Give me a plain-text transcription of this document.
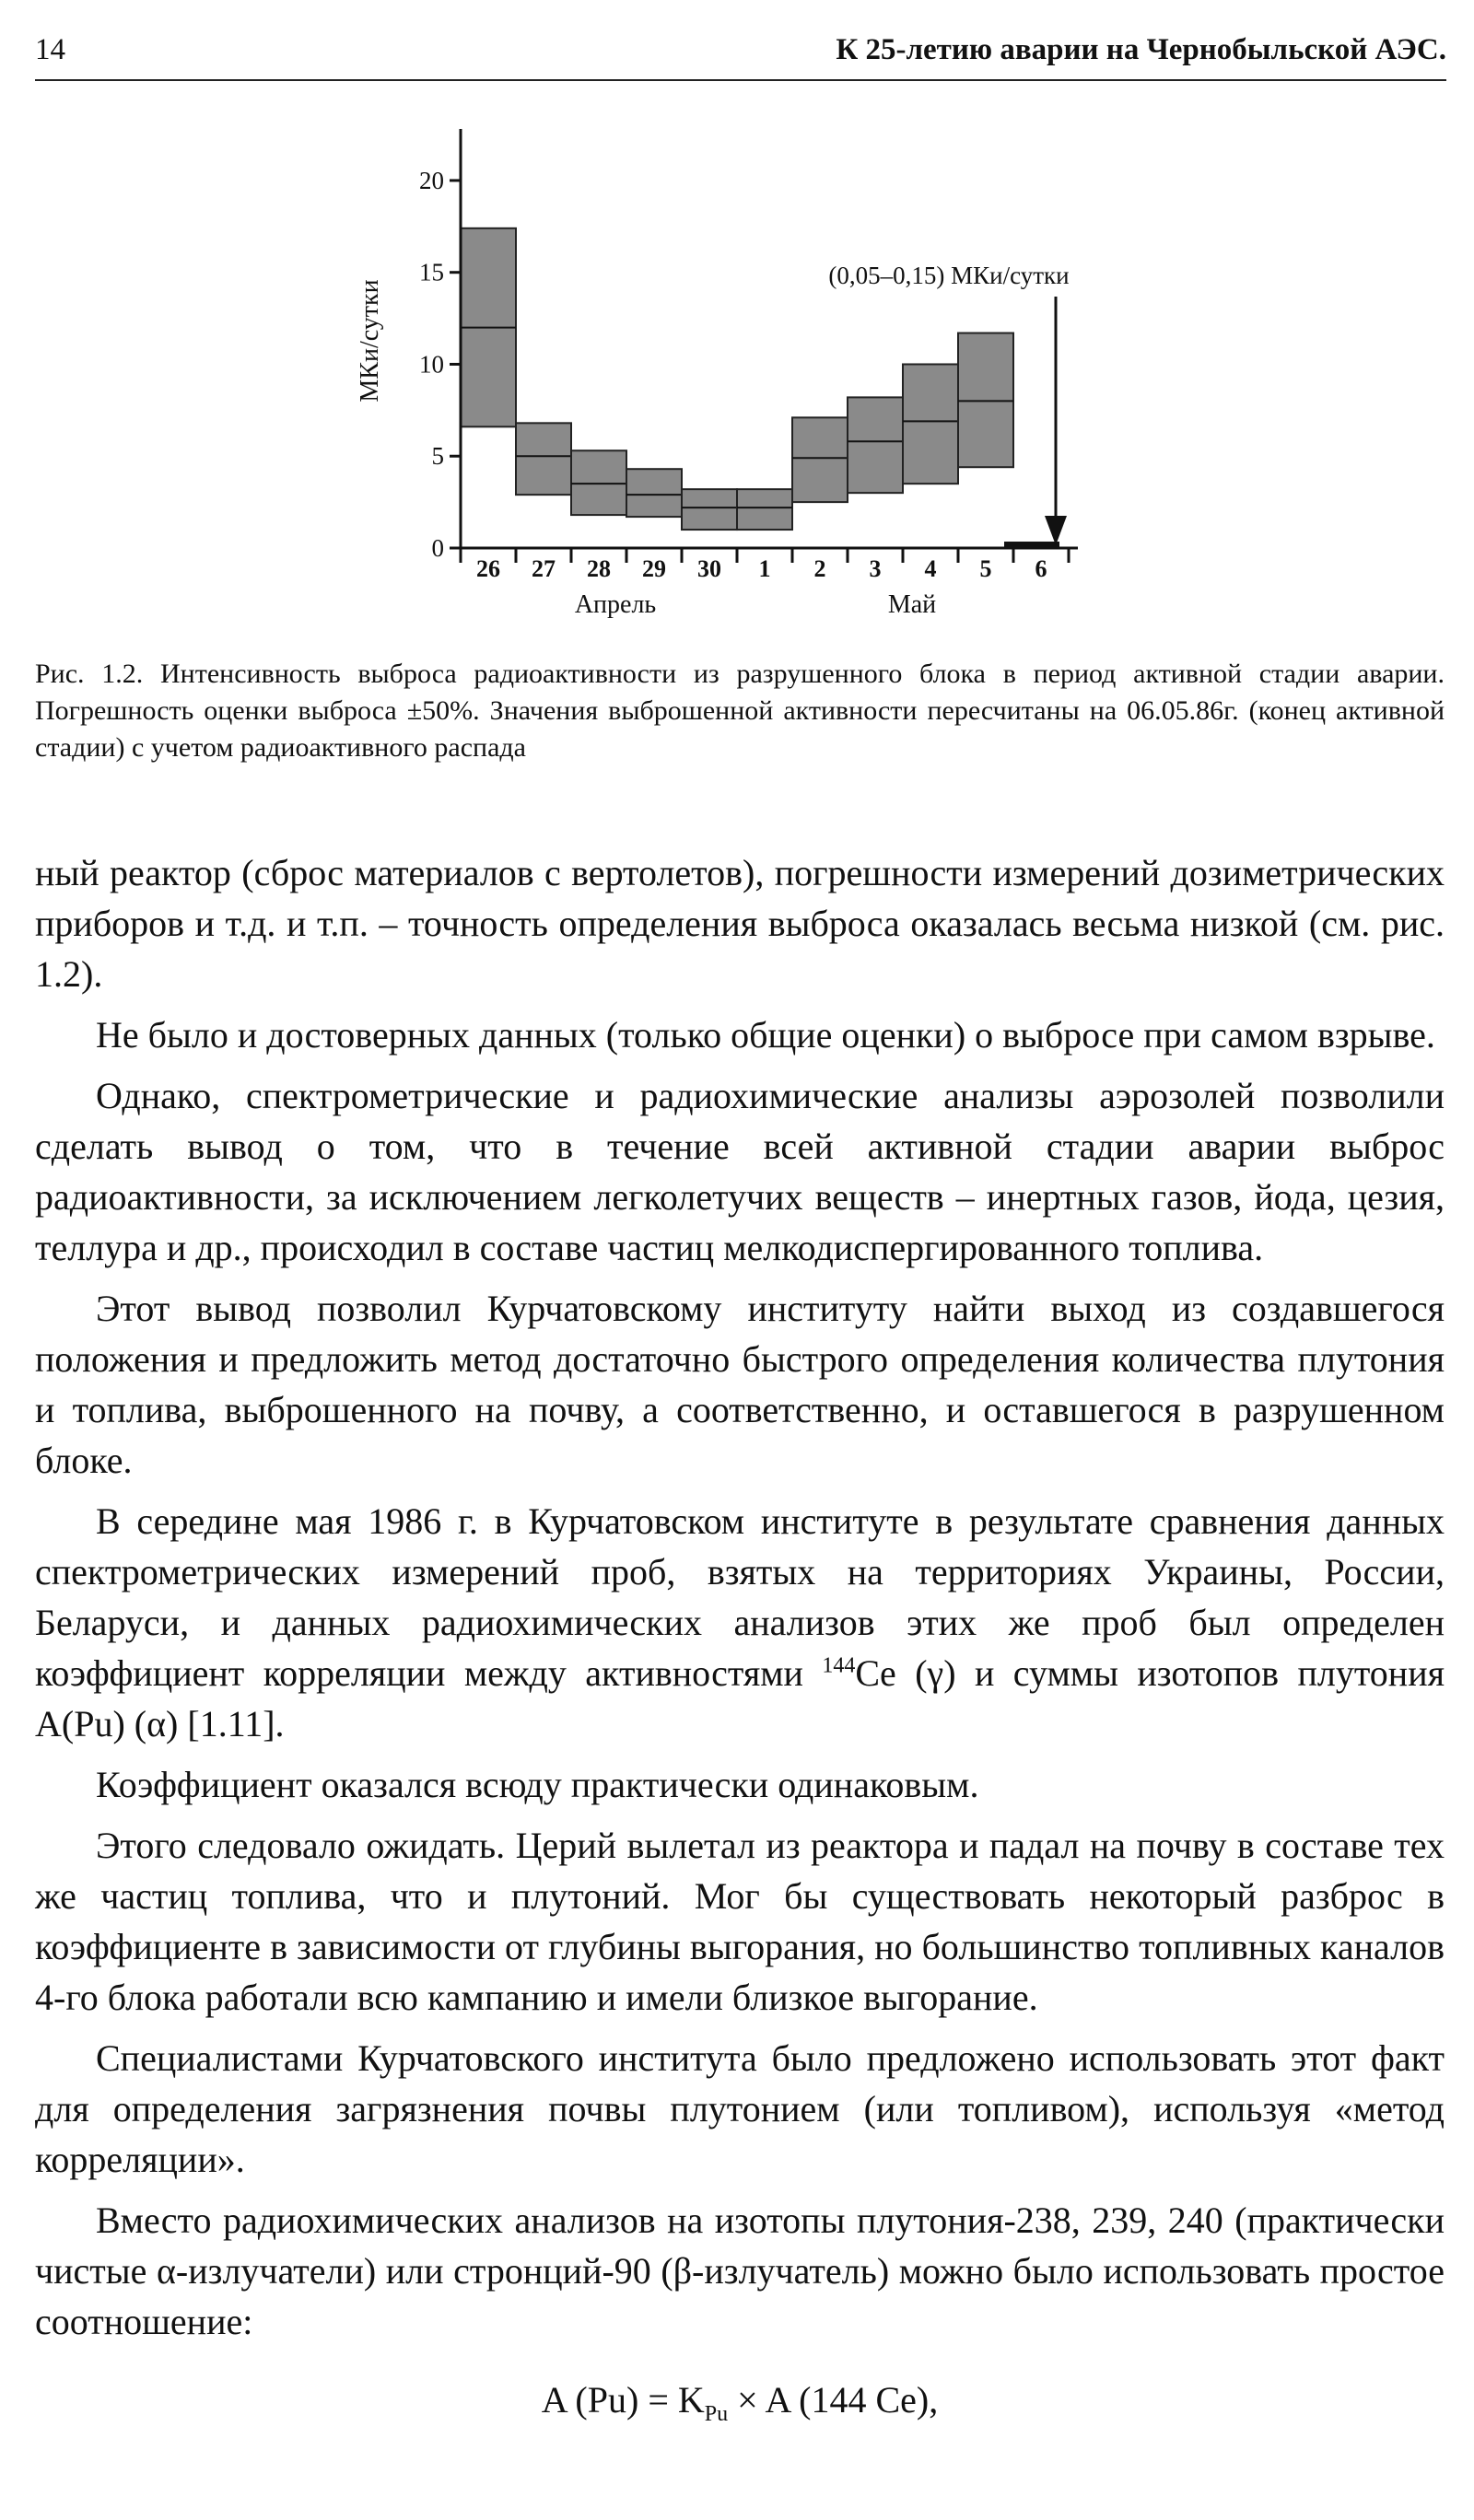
14	К 25-летию аварии на Чернобыльской АЭС.
0
5
10
15
20
26 27 28 29 30 1 2 3 4 5 6
МКи/сутки
Апрель	Май
(0,05–0,15) МКи/сутки
Рис. 1.2. Интенсивность выброса радиоактивности из разрушенного блока в период активной стадии аварии. Погрешность оценки выброса ±50%. Значения выброшенной активности пересчитаны на 06.05.86г. (конец активной стадии) с учетом радиоактивного распада

ный реактор (сброс материалов с вертолетов), погрешности измерений дозиметрических приборов и т.д. и т.п. – точность определения выброса оказалась весьма низкой (см. рис. 1.2).

Не было и достоверных данных (только общие оценки) о выбросе при самом взрыве.

Однако, спектрометрические и радиохимические анализы аэрозолей позволили сделать вывод о том, что в течение всей активной стадии аварии выброс радиоактивности, за исключением легколетучих веществ – инертных газов, йода, цезия, теллура и др., происходил в составе частиц мелкодиспергированного топлива.

Этот вывод позволил Курчатовскому институту найти выход из создавшегося положения и предложить метод достаточно быстрого определения количества плутония и топлива, выброшенного на почву, а соответственно, и оставшегося в разрушенном блоке.

В середине мая 1986 г. в Курчатовском институте в результате сравнения данных спектрометрических измерений проб, взятых на территориях Украины, России, Беларуси, и данных радиохимических анализов этих же проб был определен коэффициент корреляции между активностями $^{144}$Ce (γ) и суммы изотопов плутония A(Pu) (α) [1.11].

Коэффициент оказался всюду практически одинаковым.

Этого следовало ожидать. Церий вылетал из реактора и падал на почву в составе тех же частиц топлива, что и плутоний. Мог бы существовать некоторый разброс в коэффициенте в зависимости от глубины выгорания, но большинство топливных каналов 4-го блока работали всю кампанию и имели близкое выгорание.

Специалистами Курчатовского института было предложено использовать этот факт для определения загрязнения почвы плутонием (или топливом), используя «метод корреляции».

Вместо радиохимических анализов на изотопы плутония-238, 239, 240 (практически чистые α-излучатели) или стронций-90 (β-излучатель) можно было использовать простое соотношение:

A $(Pu) = K_{Pu} \times A$ (144 Ce),
